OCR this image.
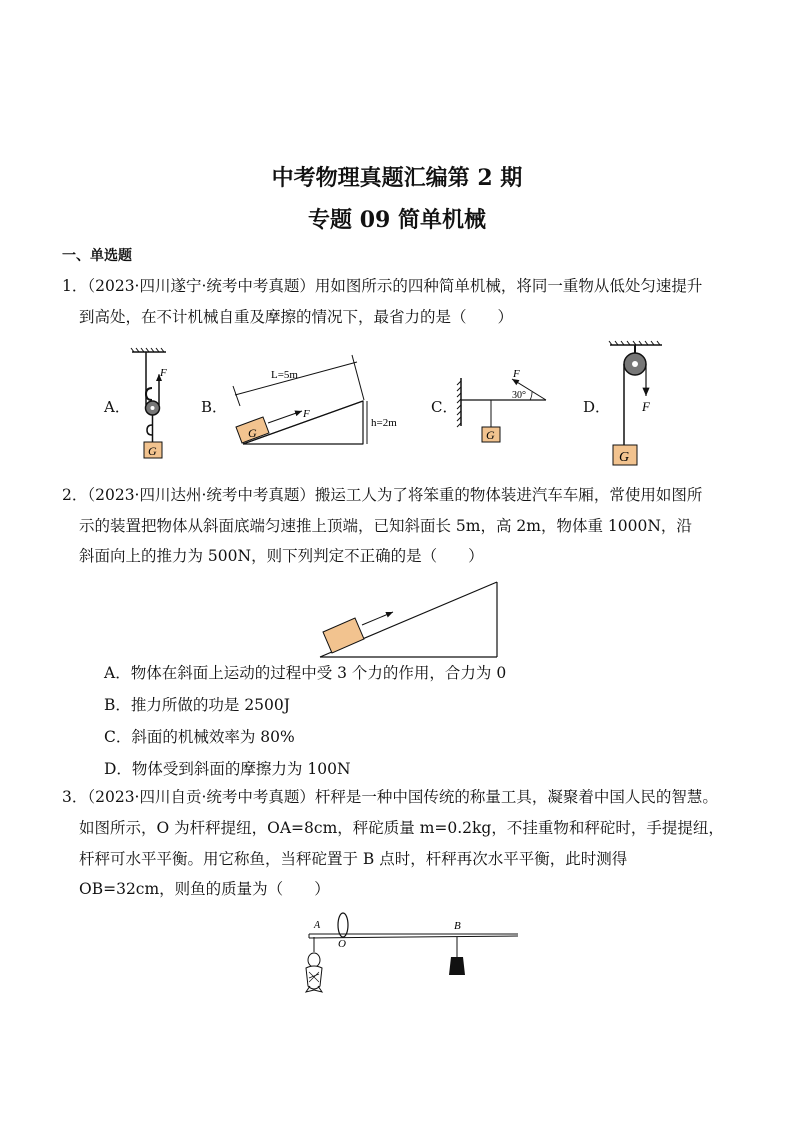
中考物理真题汇编第 2 期
专题 09 简单机械
一、单选题
1．（2023·四川遂宁·统考中考真题）用如图所示的四种简单机械，将同一重物从低处匀速提升
到高处，在不计机械自重及摩擦的情况下，最省力的是（　　）
A．	B．	C．	D．
G
F	L=5m
h=2m
G
F
F
30°
G
F
G
A
O
B
2．（2023·四川达州·统考中考真题）搬运工人为了将笨重的物体装进汽车车厢，常使用如图所
示的装置把物体从斜面底端匀速推上顶端，已知斜面长 5m，高 2m，物体重 1000N，沿
斜面向上的推力为 500N，则下列判定不正确的是（　　）
A．物体在斜面上运动的过程中受 3 个力的作用，合力为 0
B．推力所做的功是 2500J
C．斜面的机械效率为 80%
D．物体受到斜面的摩擦力为 100N
3．（2023·四川自贡·统考中考真题）杆秤是一种中国传统的称量工具，凝聚着中国人民的智慧。
如图所示，O 为杆秤提纽，OA=8cm，秤砣质量 m=0.2kg，不挂重物和秤砣时，手提提纽，
杆秤可水平平衡。用它称鱼，当秤砣置于 B 点时，杆秤再次水平平衡，此时测得
OB=32cm，则鱼的质量为（　　）
